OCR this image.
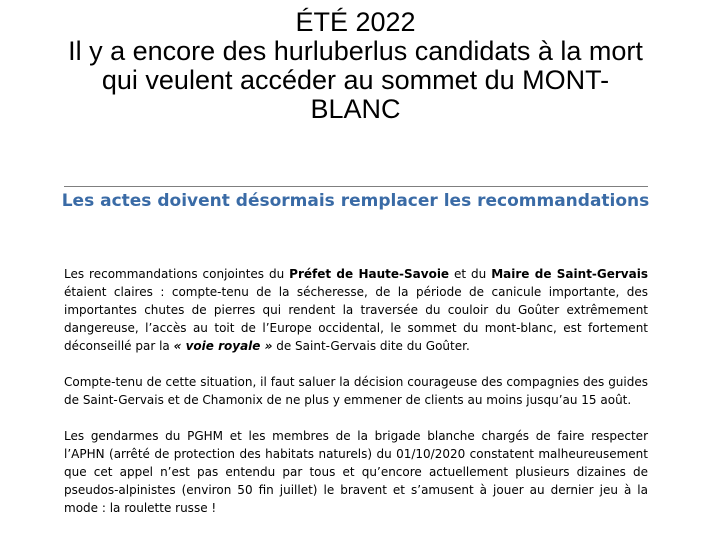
ÉTÉ 2022
Il y a encore des hurluberlus candidats à la mort
qui veulent accéder au sommet du MONT-
BLANC
Les actes doivent désormais remplacer les recommandations

Les recommandations conjointes du Préfet de Haute-Savoie et du Maire de Saint-Gervais étaient claires : compte-tenu de la sécheresse, de la période de canicule importante, des importantes chutes de pierres qui rendent la traversée du couloir du Goûter extrêmement dangereuse, l’accès au toit de l’Europe occidental, le sommet du mont-blanc, est fortement déconseillé par la « voie royale » de Saint-Gervais dite du Goûter.

Compte-tenu de cette situation, il faut saluer la décision courageuse des compagnies des guides de Saint-Gervais et de Chamonix de ne plus y emmener de clients au moins jusqu’au 15 août.

Les gendarmes du PGHM et les membres de la brigade blanche chargés de faire respecter l’APHN (arrêté de protection des habitats naturels) du 01/10/2020 constatent malheureusement que cet appel n’est pas entendu par tous et qu’encore actuellement plusieurs dizaines de pseudos-alpinistes (environ 50 fin juillet) le bravent et s’amusent à jouer au dernier jeu à la mode : la roulette russe !
